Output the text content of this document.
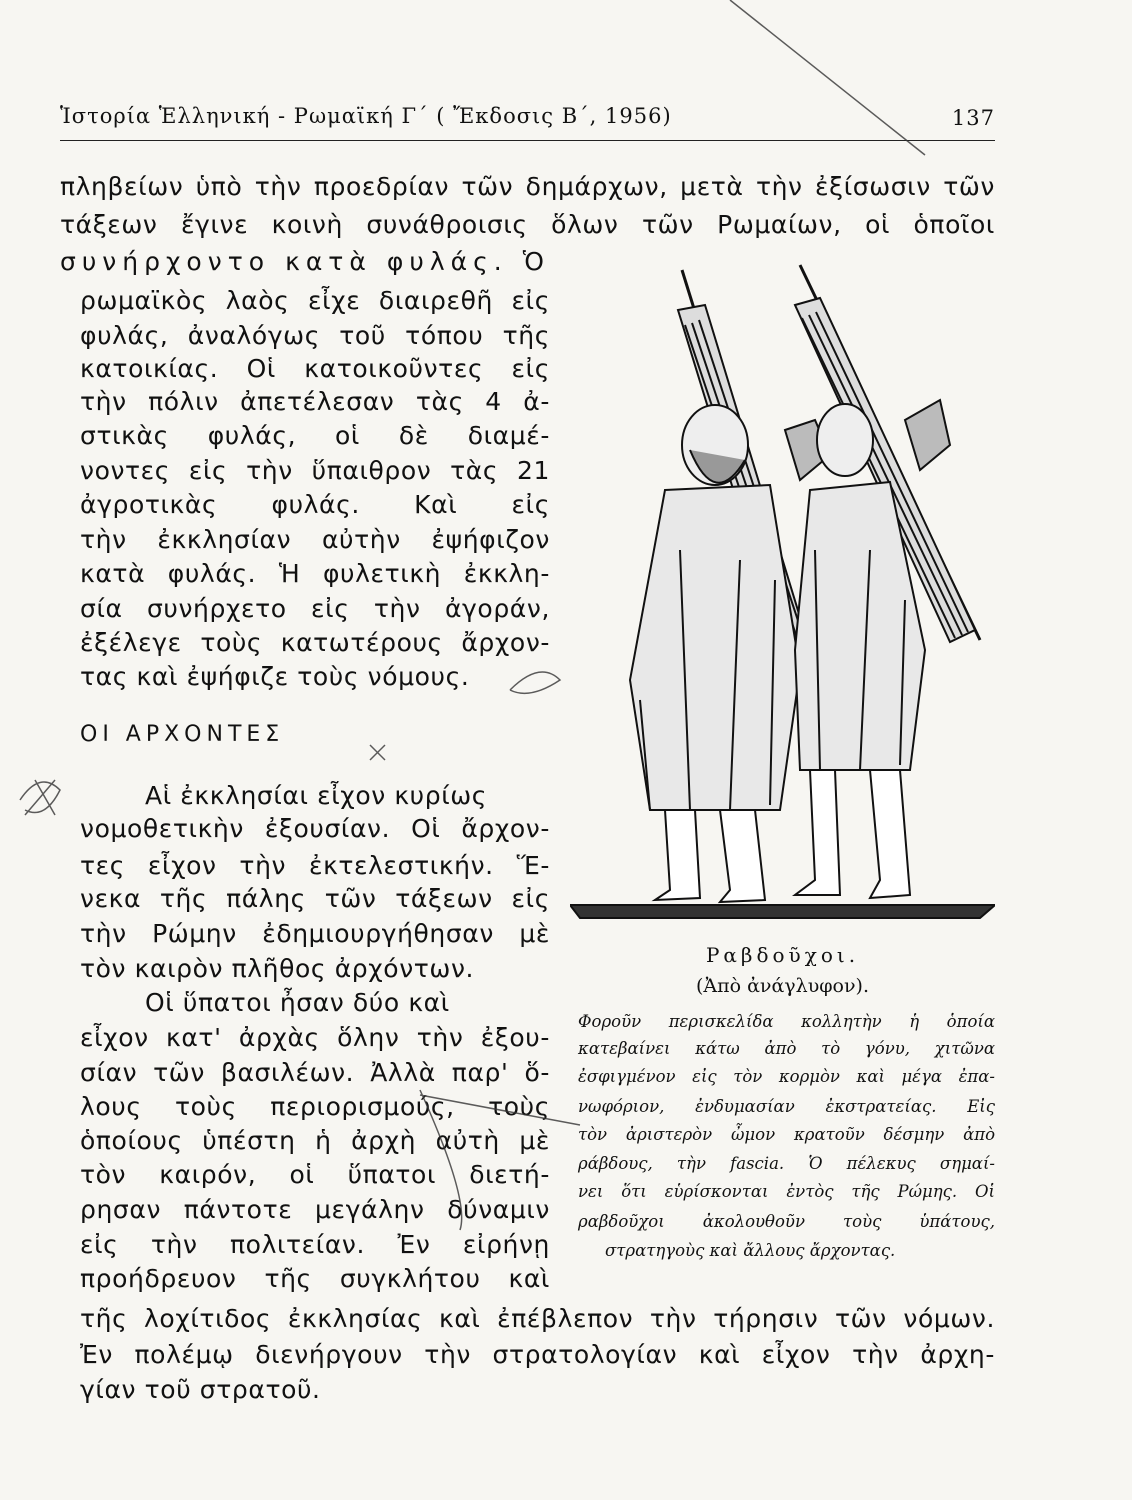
Ἱστορία Ἑλληνική - Ρωμαϊκή Γ΄ ( Ἔκδοσις Β΄, 1956)	137
πληβείων ὑπὸ τὴν προεδρίαν τῶν δημάρχων, μετὰ τὴν ἐξίσωσιν τῶν
τάξεων ἔγινε κοινὴ συνάθροισις ὅλων τῶν Ρωμαίων, οἱ ὁποῖοι
συνήρχοντο κατὰ φυλάς. Ὁ
ρωμαϊκὸς λαὸς εἶχε διαιρεθῆ εἰς
φυλάς, ἀναλόγως τοῦ τόπου τῆς
κατοικίας. Οἱ κατοικοῦντες εἰς
τὴν πόλιν ἀπετέλεσαν τὰς 4 ἀ-
στικὰς φυλάς, οἱ δὲ διαμέ-
νοντες εἰς τὴν ὕπαιθρον τὰς 21
ἀγροτικὰς φυλάς. Καὶ εἰς
τὴν ἐκκλησίαν αὐτὴν ἐψήφιζον
κατὰ φυλάς. Ἡ φυλετικὴ ἐκκλη-
σία συνήρχετο εἰς τὴν ἀγοράν,
ἐξέλεγε τοὺς κατωτέρους ἄρχον-
τας καὶ ἐψήφιζε τοὺς νόμους.
ΟΙ ΑΡΧΟΝΤΕΣ
Αἱ ἐκκλησίαι εἶχον κυρίως
νομοθετικὴν ἐξουσίαν. Οἱ ἄρχον-
τες εἶχον τὴν ἐκτελεστικήν. Ἕ-
νεκα τῆς πάλης τῶν τάξεων εἰς
τὴν Ρώμην ἐδημιουργήθησαν μὲ
τὸν καιρὸν πλῆθος ἀρχόντων.
Οἱ ὕπατοι ἦσαν δύο καὶ
εἶχον κατ' ἀρχὰς ὅλην τὴν ἐξου-
σίαν τῶν βασιλέων. Ἀλλὰ παρ' ὅ-
λους τοὺς περιορισμούς, τοὺς
ὁποίους ὑπέστη ἡ ἀρχὴ αὐτὴ μὲ
τὸν καιρόν, οἱ ὕπατοι διετή-
ρησαν πάντοτε μεγάλην δύναμιν
εἰς τὴν πολιτείαν. Ἐν εἰρήνῃ
προήδρευον τῆς συγκλήτου καὶ
τῆς λοχίτιδος ἐκκλησίας καὶ ἐπέβλεπον τὴν τήρησιν τῶν νόμων.
Ἐν πολέμῳ διενήργουν τὴν στρατολογίαν καὶ εἶχον τὴν ἀρχη-
γίαν τοῦ στρατοῦ.
Ραβδοῦχοι.
(Ἀπὸ ἀνάγλυφον).
Φοροῦν περισκελίδα κολλητὴν ἡ ὁποία
κατεβαίνει κάτω ἀπὸ τὸ γόνυ, χιτῶνα
ἐσφιγμένον εἰς τὸν κορμὸν καὶ μέγα ἐπα-
νωφόριον, ἐνδυμασίαν ἐκστρατείας. Εἰς
τὸν ἀριστερὸν ὦμον κρατοῦν δέσμην ἀπὸ
ράβδους, τὴν fascia. Ὁ πέλεκυς σημαί-
νει ὅτι εὑρίσκονται ἐντὸς τῆς Ρώμης. Οἱ
ραβδοῦχοι ἀκολουθοῦν τοὺς ὑπάτους,
στρατηγοὺς καὶ ἄλλους ἄρχοντας.
